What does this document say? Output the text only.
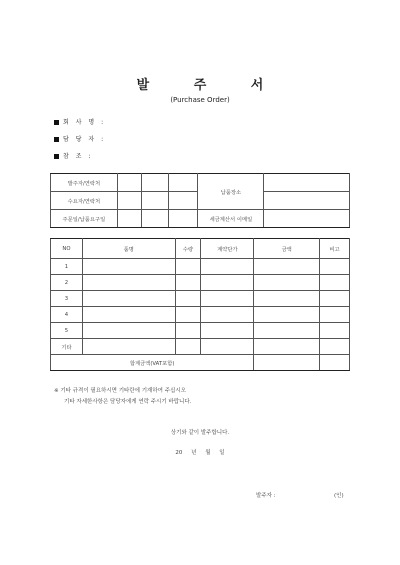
발 주 서
(Purchase Order)
회 사 명 :
담 당 자 :
참 조 :
발주자/연락처				납품장소	
수요자/연락처					
주문일/납품요구일				세금계산서 이메일	
NO	품명	수량	계약단가	금액	비고
1					
2					
3					
4					
5					
기타					
합계금액(VAT포함)					
※ 기타 규격이 필요하시면 기타란에 기재하여 주십시오
기타 자세한사항은 담당자에게 연락 주시기 바랍니다.
상기와 같이 발주합니다.
20     년     월     일
발주자 :	(인)
